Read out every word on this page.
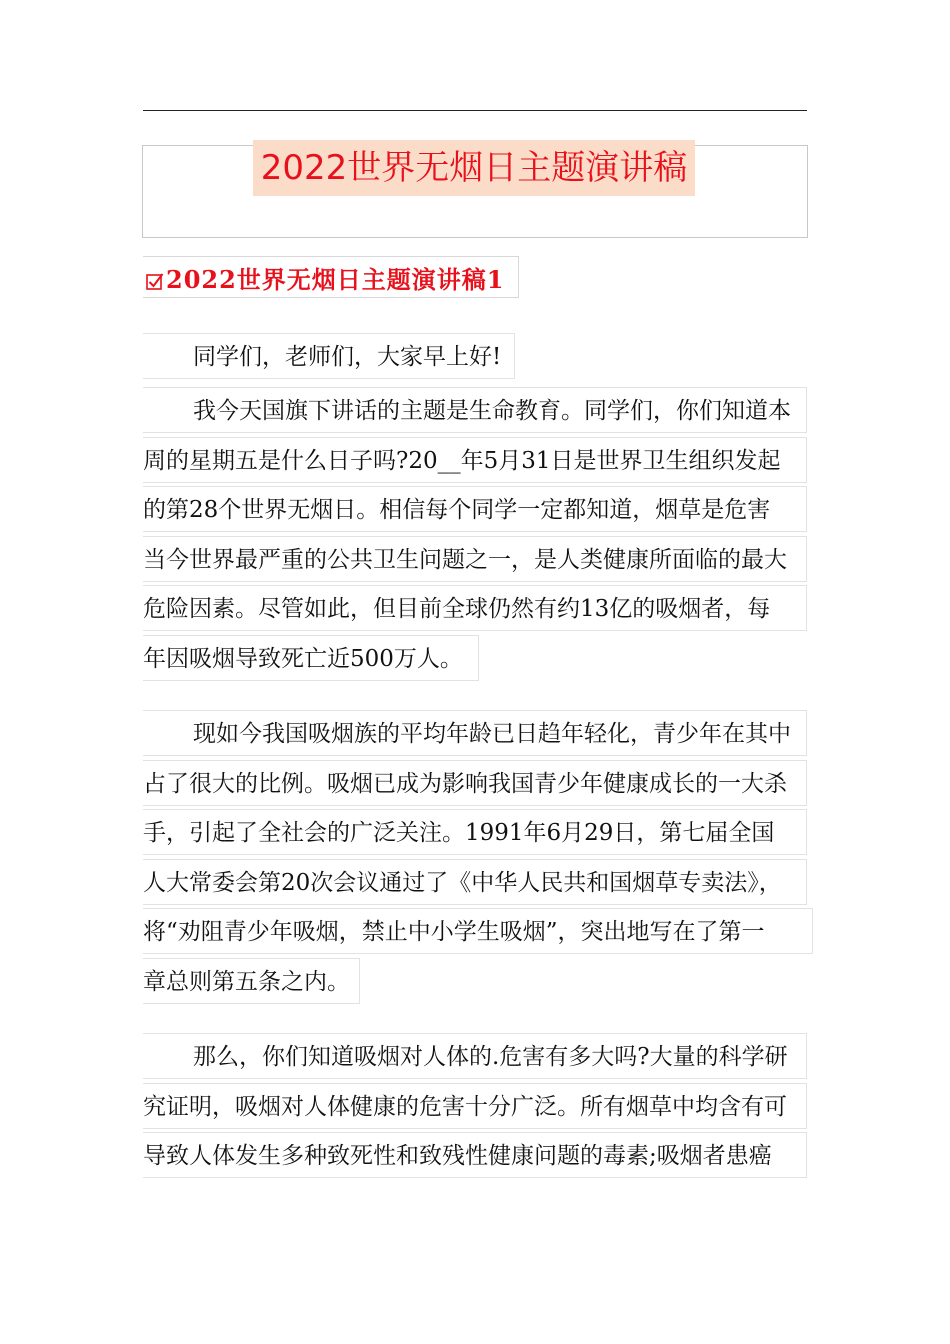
2022世界无烟日主题演讲稿
2022世界无烟日主题演讲稿1
同学们，老师们，大家早上好!
我今天国旗下讲话的主题是生命教育。同学们，你们知道本
周的星期五是什么日子吗?20__年5月31日是世界卫生组织发起
的第28个世界无烟日。相信每个同学一定都知道，烟草是危害
当今世界最严重的公共卫生问题之一，是人类健康所面临的最大
危险因素。尽管如此，但目前全球仍然有约13亿的吸烟者，每
年因吸烟导致死亡近500万人。
现如今我国吸烟族的平均年龄已日趋年轻化，青少年在其中
占了很大的比例。吸烟已成为影响我国青少年健康成长的一大杀
手，引起了全社会的广泛关注。1991年6月29日，第七届全国
人大常委会第20次会议通过了《中华人民共和国烟草专卖法》，
将“劝阻青少年吸烟，禁止中小学生吸烟”，突出地写在了第一
章总则第五条之内。
那么，你们知道吸烟对人体的.危害有多大吗?大量的科学研
究证明，吸烟对人体健康的危害十分广泛。所有烟草中均含有可
导致人体发生多种致死性和致残性健康问题的毒素;吸烟者患癌
